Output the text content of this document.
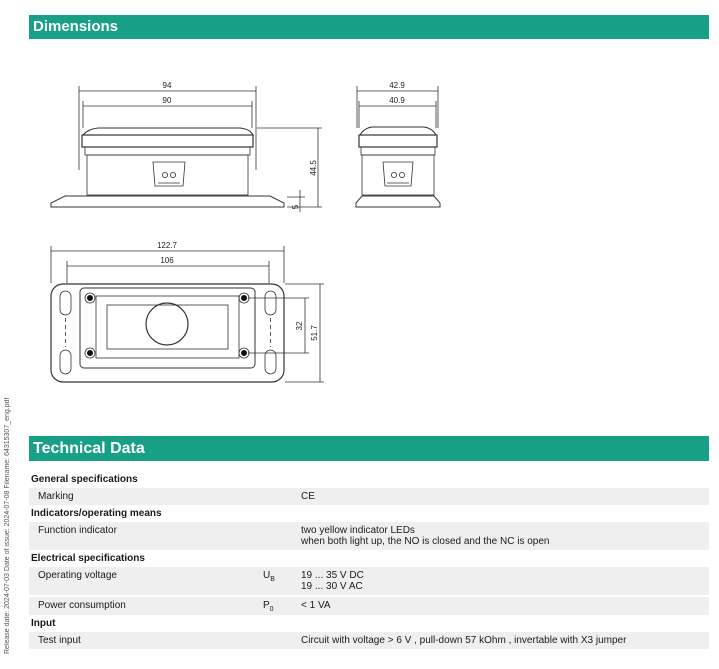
Release date: 2024-07-03 Date of issue: 2024-07-08 Filename: 64315307_eng.pdf
Dimensions
94
90
44.5
5
42.9
40.9
122.7
106
32 51.7
Technical Data
General specifications		
Marking		CE

Indicators/operating means		
Function indicator		two yellow indicator LEDs
when both light up, the NO is closed and the NC is open

Electrical specifications		
Operating voltage	$U_B$	19 ... 35 V DC
19 ... 30 V AC

Power consumption	$P_0$	< 1 VA

Input		
Test input		Circuit with voltage > 6 V , pull-down 57 kOhm , invertable with X3 jumper
